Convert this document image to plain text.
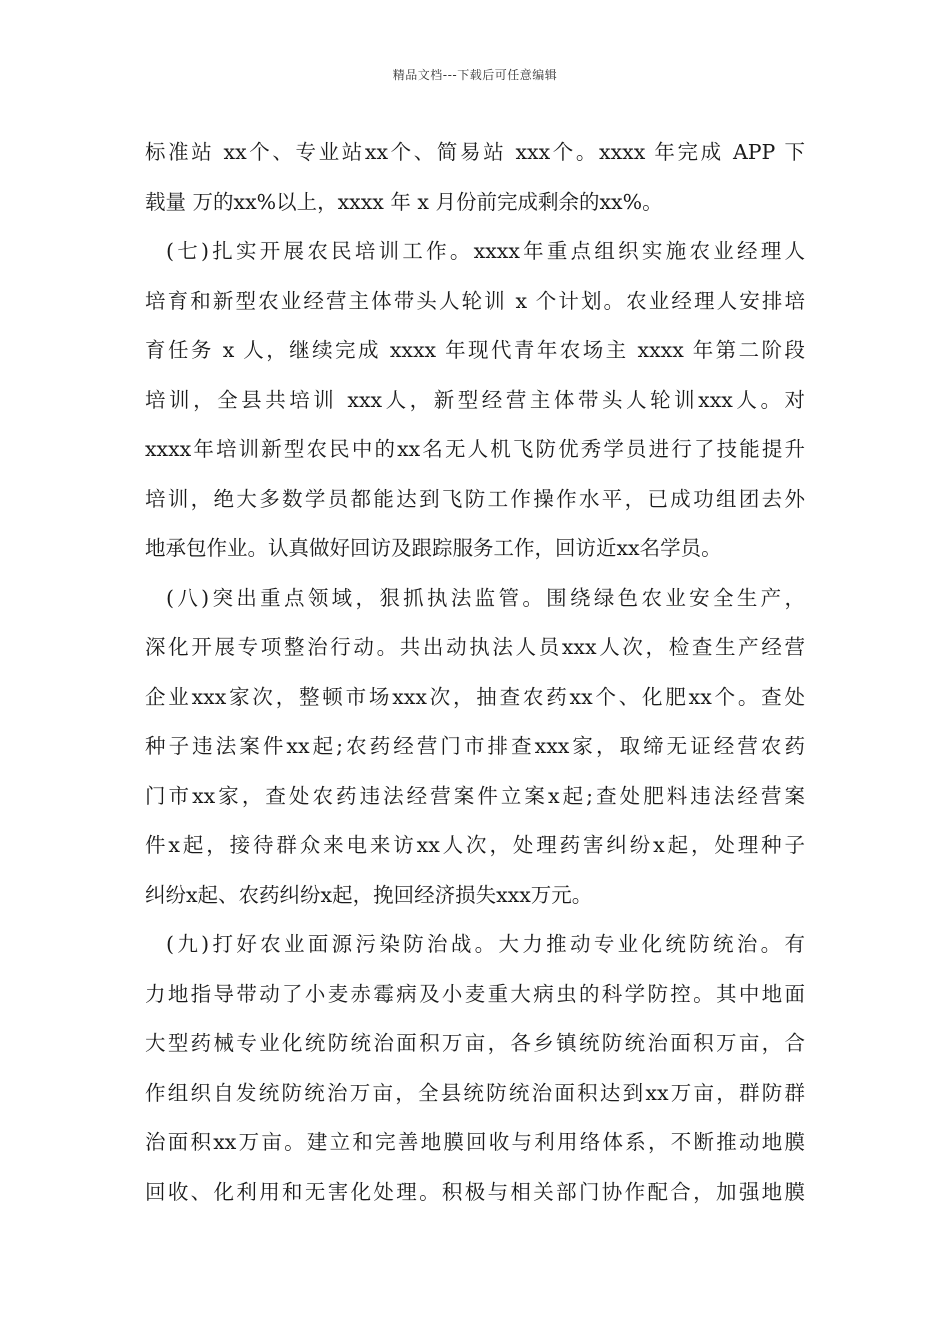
精品文档---下载后可任意编辑
标准站 xx个、专业站xx个、简易站 xxx个。xxxx 年完成 APP 下
载量 万的xx%以上，xxxx 年 x 月份前完成剩余的xx%。
(七)扎实开展农民培训工作。xxxx年重点组织实施农业经理人
培育和新型农业经营主体带头人轮训 x 个计划。农业经理人安排培
育任务 x 人，继续完成 xxxx 年现代青年农场主 xxxx 年第二阶段
培训，全县共培训 xxx人，新型经营主体带头人轮训xxx人。对
xxxx年培训新型农民中的xx名无人机飞防优秀学员进行了技能提升
培训，绝大多数学员都能达到飞防工作操作水平，已成功组团去外
地承包作业。认真做好回访及跟踪服务工作，回访近xx名学员。
(八)突出重点领域，狠抓执法监管。围绕绿色农业安全生产，
深化开展专项整治行动。共出动执法人员xxx人次，检查生产经营
企业xxx家次，整顿市场xxx次，抽查农药xx个、化肥xx个。查处
种子违法案件xx起;农药经营门市排查xxx家，取缔无证经营农药
门市xx家，查处农药违法经营案件立案x起;查处肥料违法经营案
件x起，接待群众来电来访xx人次，处理药害纠纷x起，处理种子
纠纷x起、农药纠纷x起，挽回经济损失xxx万元。
(九)打好农业面源污染防治战。大力推动专业化统防统治。有
力地指导带动了小麦赤霉病及小麦重大病虫的科学防控。其中地面
大型药械专业化统防统治面积万亩，各乡镇统防统治面积万亩，合
作组织自发统防统治万亩，全县统防统治面积达到xx万亩，群防群
治面积xx万亩。建立和完善地膜回收与利用络体系，不断推动地膜
回收、化利用和无害化处理。积极与相关部门协作配合，加强地膜
